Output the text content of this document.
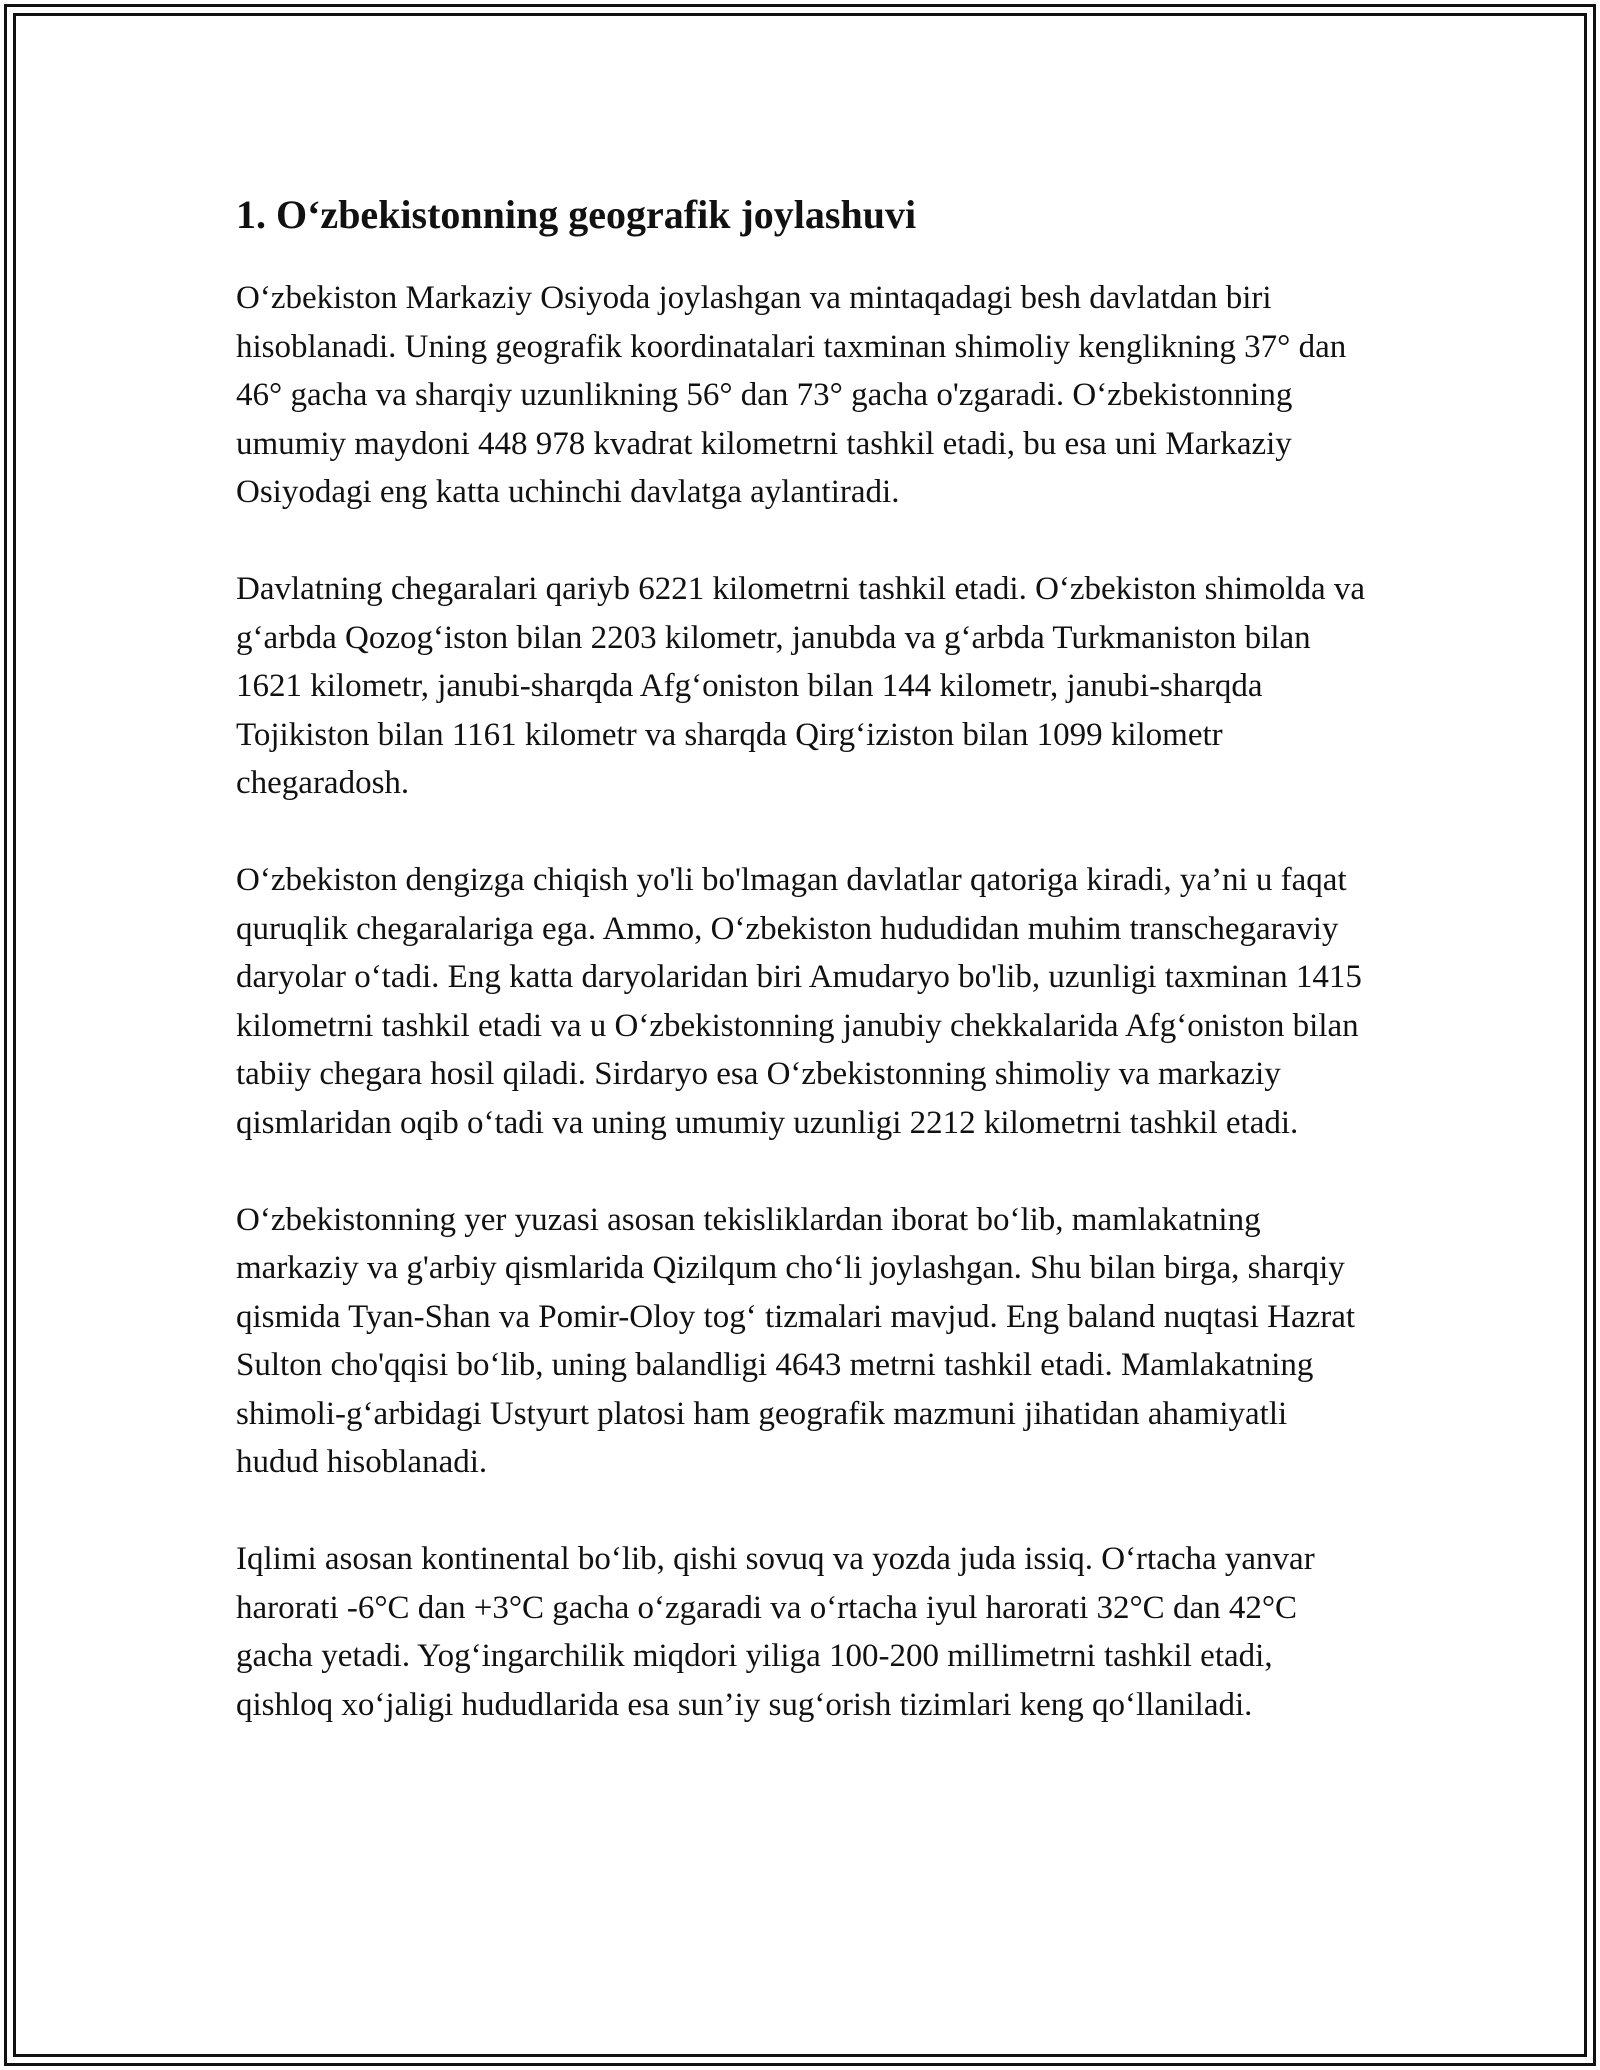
1. O‘zbekistonning geografik joylashuvi

O‘zbekiston Markaziy Osiyoda joylashgan va mintaqadagi besh davlatdan biri hisoblanadi. Uning geografik koordinatalari taxminan shimoliy kenglikning 37° dan 46° gacha va sharqiy uzunlikning 56° dan 73° gacha o'zgaradi. O‘zbekistonning umumiy maydoni 448 978 kvadrat kilometrni tashkil etadi, bu esa uni Markaziy Osiyodagi eng katta uchinchi davlatga aylantiradi.

Davlatning chegaralari qariyb 6221 kilometrni tashkil etadi. O‘zbekiston shimolda va g‘arbda Qozog‘iston bilan 2203 kilometr, janubda va g‘arbda Turkmaniston bilan 1621 kilometr, janubi-sharqda Afg‘oniston bilan 144 kilometr, janubi-sharqda Tojikiston bilan 1161 kilometr va sharqda Qirg‘iziston bilan 1099 kilometr chegaradosh.

O‘zbekiston dengizga chiqish yo'li bo'lmagan davlatlar qatoriga kiradi, ya’ni u faqat quruqlik chegaralariga ega. Ammo, O‘zbekiston hududidan muhim transchegaraviy daryolar o‘tadi. Eng katta daryolaridan biri Amudaryo bo'lib, uzunligi taxminan 1415 kilometrni tashkil etadi va u O‘zbekistonning janubiy chekkalarida Afg‘oniston bilan tabiiy chegara hosil qiladi. Sirdaryo esa O‘zbekistonning shimoliy va markaziy qismlaridan oqib o‘tadi va uning umumiy uzunligi 2212 kilometrni tashkil etadi.

O‘zbekistonning yer yuzasi asosan tekisliklardan iborat bo‘lib, mamlakatning markaziy va g'arbiy qismlarida Qizilqum cho‘li joylashgan. Shu bilan birga, sharqiy qismida Tyan-Shan va Pomir-Oloy tog‘ tizmalari mavjud. Eng baland nuqtasi Hazrat Sulton cho'qqisi bo‘lib, uning balandligi 4643 metrni tashkil etadi. Mamlakatning shimoli-g‘arbidagi Ustyurt platosi ham geografik mazmuni jihatidan ahamiyatli hudud hisoblanadi.

Iqlimi asosan kontinental bo‘lib, qishi sovuq va yozda juda issiq. O‘rtacha yanvar harorati -6°C dan +3°C gacha o‘zgaradi va o‘rtacha iyul harorati 32°C dan 42°C gacha yetadi. Yog‘ingarchilik miqdori yiliga 100-200 millimetrni tashkil etadi, qishloq xo‘jaligi hududlarida esa sun’iy sug‘orish tizimlari keng qo‘llaniladi.
